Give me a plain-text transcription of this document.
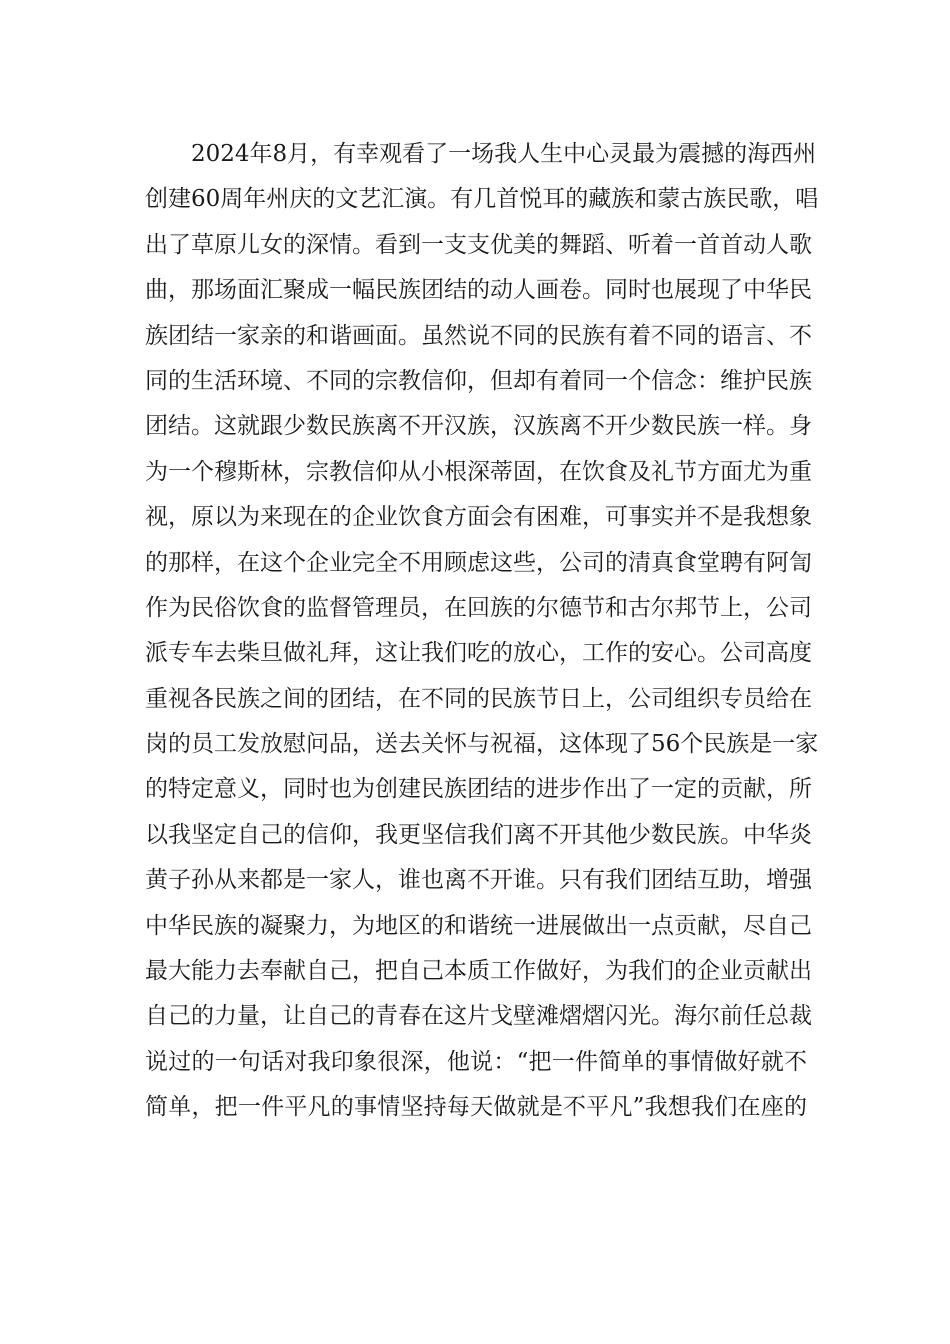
2024年8月，有幸观看了一场我人生中心灵最为震撼的海西州
创建60周年州庆的文艺汇演。有几首悦耳的藏族和蒙古族民歌，唱
出了草原儿女的深情。看到一支支优美的舞蹈、听着一首首动人歌
曲，那场面汇聚成一幅民族团结的动人画卷。同时也展现了中华民
族团结一家亲的和谐画面。虽然说不同的民族有着不同的语言、不
同的生活环境、不同的宗教信仰，但却有着同一个信念：维护民族
团结。这就跟少数民族离不开汉族，汉族离不开少数民族一样。身
为一个穆斯林，宗教信仰从小根深蒂固，在饮食及礼节方面尤为重
视，原以为来现在的企业饮食方面会有困难，可事实并不是我想象
的那样，在这个企业完全不用顾虑这些，公司的清真食堂聘有阿訇
作为民俗饮食的监督管理员，在回族的尔德节和古尔邦节上，公司
派专车去柴旦做礼拜，这让我们吃的放心，工作的安心。公司高度
重视各民族之间的团结，在不同的民族节日上，公司组织专员给在
岗的员工发放慰问品，送去关怀与祝福，这体现了56个民族是一家
的特定意义，同时也为创建民族团结的进步作出了一定的贡献，所
以我坚定自己的信仰，我更坚信我们离不开其他少数民族。中华炎
黄子孙从来都是一家人，谁也离不开谁。只有我们团结互助，增强
中华民族的凝聚力，为地区的和谐统一进展做出一点贡献，尽自己
最大能力去奉献自己，把自己本质工作做好，为我们的企业贡献出
自己的力量，让自己的青春在这片戈壁滩熠熠闪光。海尔前任总裁
说过的一句话对我印象很深，他说：“把一件简单的事情做好就不
简单，把一件平凡的事情坚持每天做就是不平凡”我想我们在座的
